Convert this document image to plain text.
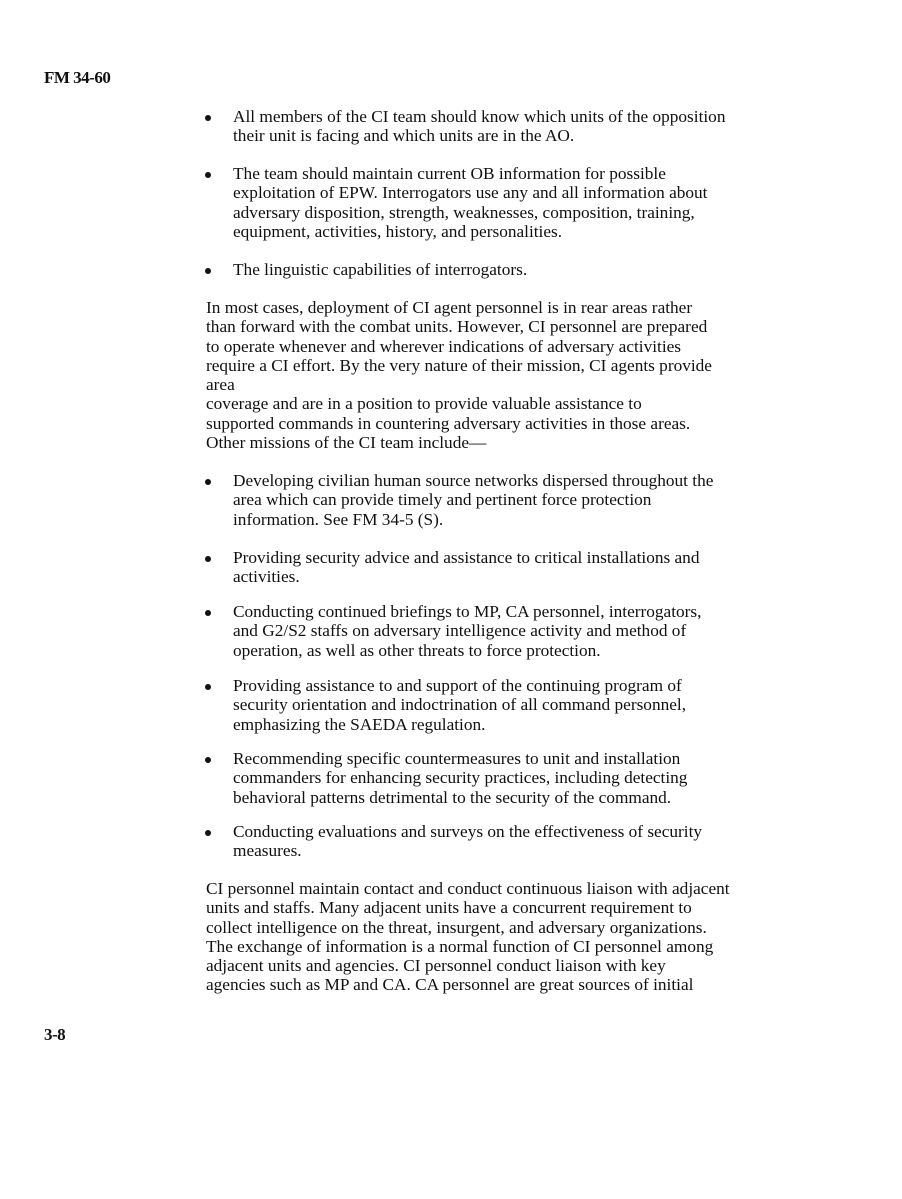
FM 34-60
All members of the CI team should know which units of the opposition
their unit is facing and which units are in the AO.
The team should maintain current OB information for possible
exploitation of EPW. Interrogators use any and all information about
adversary disposition, strength, weaknesses, composition, training,
equipment, activities, history, and personalities.
The linguistic capabilities of interrogators.
In most cases, deployment of CI agent personnel is in rear areas rather
than forward with the combat units. However, CI personnel are prepared
to operate whenever and wherever indications of adversary activities
require a CI effort. By the very nature of their mission, CI agents provide
area
coverage and are in a position to provide valuable assistance to
supported commands in countering adversary activities in those areas.
Other missions of the CI team include—
Developing civilian human source networks dispersed throughout the
area which can provide timely and pertinent force protection
information. See FM 34-5 (S).
Providing security advice and assistance to critical installations and
activities.
Conducting continued briefings to MP, CA personnel, interrogators,
and G2/S2 staffs on adversary intelligence activity and method of
operation, as well as other threats to force protection.
Providing assistance to and support of the continuing program of
security orientation and indoctrination of all command personnel,
emphasizing the SAEDA regulation.
Recommending specific countermeasures to unit and installation
commanders for enhancing security practices, including detecting
behavioral patterns detrimental to the security of the command.
Conducting evaluations and surveys on the effectiveness of security
measures.
CI personnel maintain contact and conduct continuous liaison with adjacent
units and staffs. Many adjacent units have a concurrent requirement to
collect intelligence on the threat, insurgent, and adversary organizations.
The exchange of information is a normal function of CI personnel among
adjacent units and agencies. CI personnel conduct liaison with key
agencies such as MP and CA. CA personnel are great sources of initial
3-8
